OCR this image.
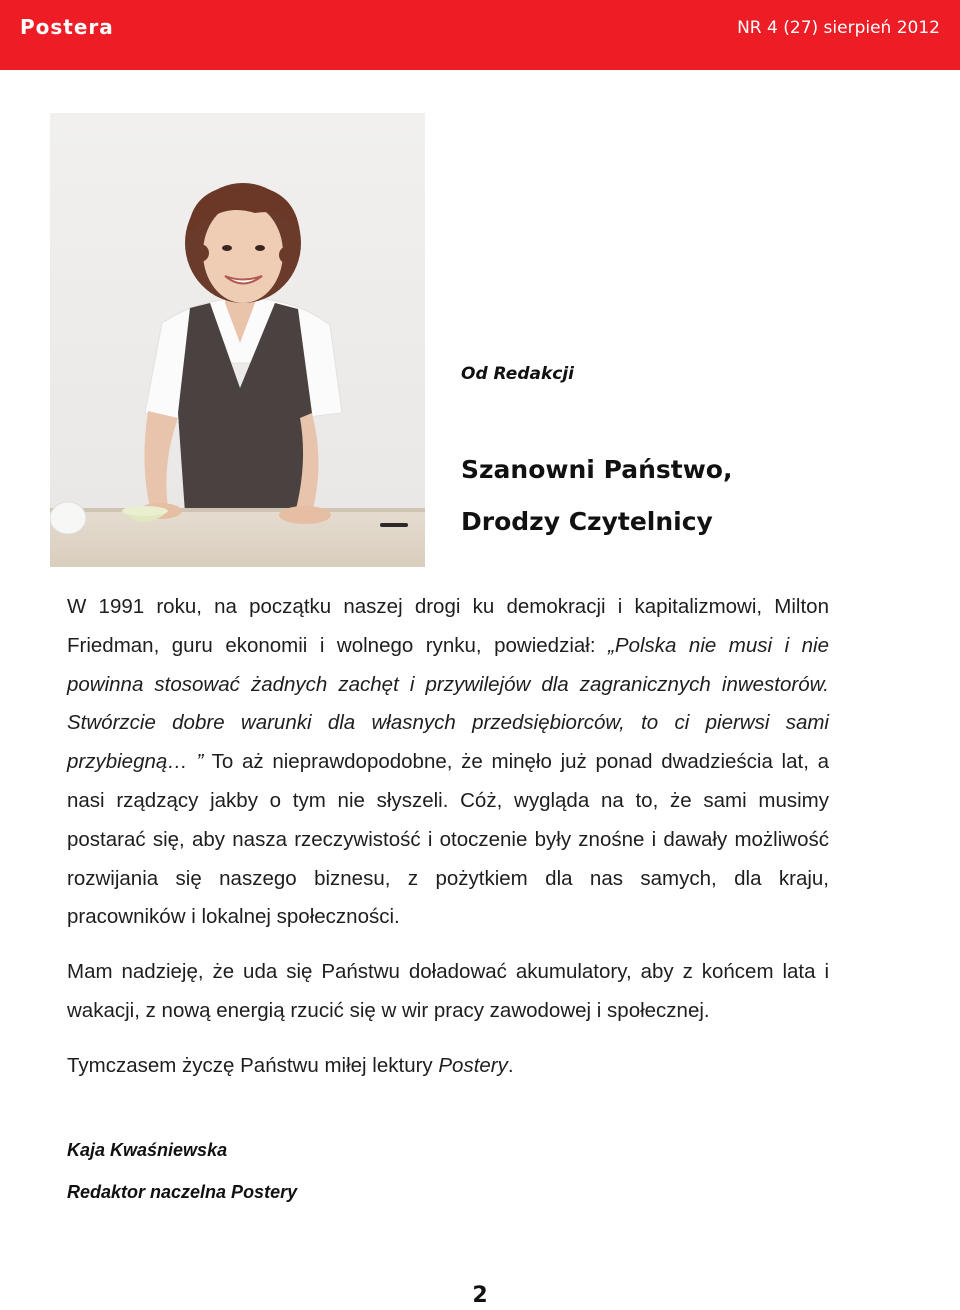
Postera	NR 4 (27) sierpień 2012
Od Redakcji
Szanowni Państwo,
Drodzy Czytelnicy

W 1991 roku, na początku naszej drogi ku demokracji i kapitalizmowi, Milton Friedman, guru ekonomii i wolnego rynku, powiedział: „Polska nie musi i nie powinna stosować żadnych zachęt i przywilejów dla zagranicznych inwestorów. Stwórzcie dobre warunki dla własnych przedsiębiorców, to ci pierwsi sami przybiegną… ” To aż nieprawdopodobne, że minęło już ponad dwadzieścia lat, a nasi rządzący jakby o tym nie słyszeli. Cóż, wygląda na to, że sami musimy postarać się, aby nasza rzeczywistość i otoczenie były znośne i dawały możliwość rozwijania się naszego biznesu, z pożytkiem dla nas samych, dla kraju, pracowników i lokalnej społeczności.

Mam nadzieję, że uda się Państwu doładować akumulatory, aby z końcem lata i wakacji, z nową energią rzucić się w wir pracy zawodowej i społecznej.

Tymczasem życzę Państwu miłej lektury Postery.

Kaja Kwaśniewska
Redaktor naczelna Postery
2
